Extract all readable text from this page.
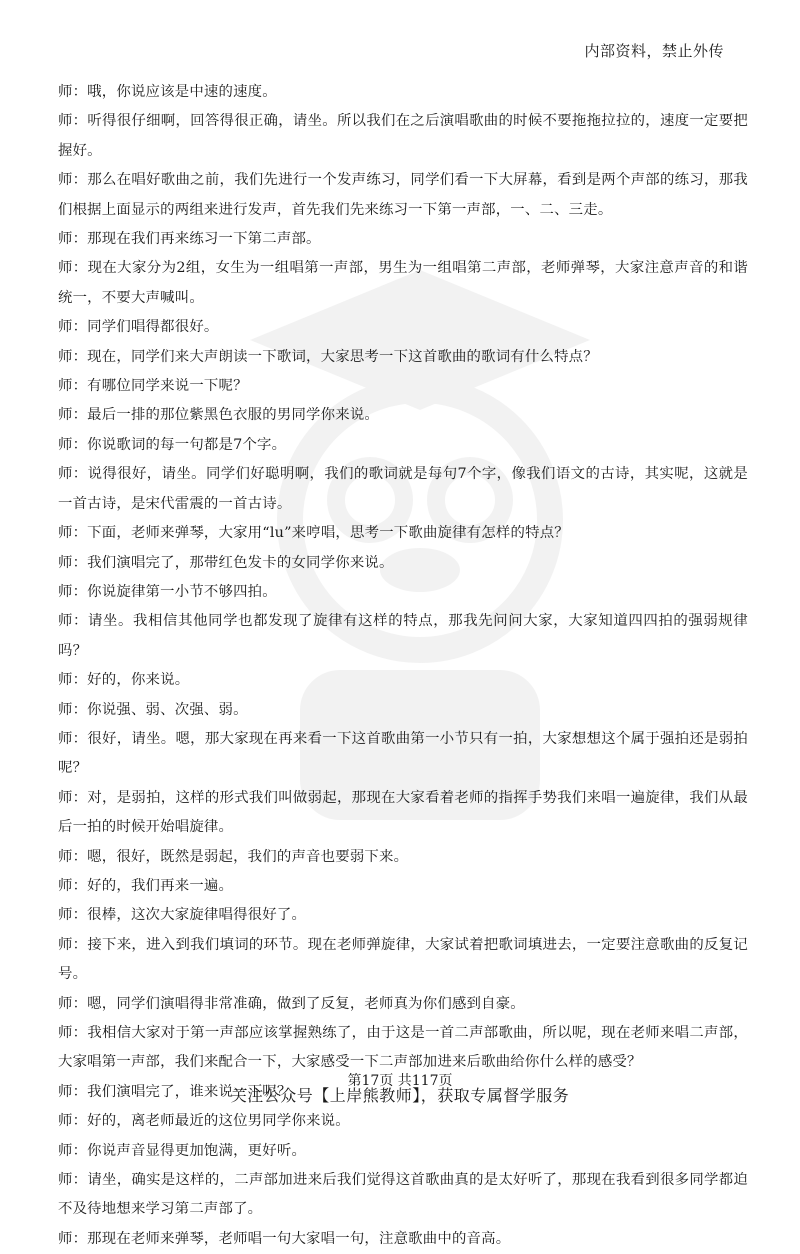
内部资料，禁止外传

师：哦，你说应该是中速的速度。

师：听得很仔细啊，回答得很正确，请坐。所以我们在之后演唱歌曲的时候不要拖拖拉拉的，速度一定要把握好。

师：那么在唱好歌曲之前，我们先进行一个发声练习，同学们看一下大屏幕，看到是两个声部的练习，那我们根据上面显示的两组来进行发声，首先我们先来练习一下第一声部，一、二、三走。

师：那现在我们再来练习一下第二声部。

师：现在大家分为2组，女生为一组唱第一声部，男生为一组唱第二声部，老师弹琴，大家注意声音的和谐统一，不要大声喊叫。

师：同学们唱得都很好。

师：现在，同学们来大声朗读一下歌词，大家思考一下这首歌曲的歌词有什么特点？

师：有哪位同学来说一下呢？

师：最后一排的那位紫黑色衣服的男同学你来说。

师：你说歌词的每一句都是7个字。

师：说得很好，请坐。同学们好聪明啊，我们的歌词就是每句7个字，像我们语文的古诗，其实呢，这就是一首古诗，是宋代雷震的一首古诗。

师：下面，老师来弹琴，大家用“lu”来哼唱，思考一下歌曲旋律有怎样的特点？

师：我们演唱完了，那带红色发卡的女同学你来说。

师：你说旋律第一小节不够四拍。

师：请坐。我相信其他同学也都发现了旋律有这样的特点，那我先问问大家，大家知道四四拍的强弱规律吗？

师：好的，你来说。

师：你说强、弱、次强、弱。

师：很好，请坐。嗯，那大家现在再来看一下这首歌曲第一小节只有一拍，大家想想这个属于强拍还是弱拍呢？

师：对，是弱拍，这样的形式我们叫做弱起，那现在大家看着老师的指挥手势我们来唱一遍旋律，我们从最后一拍的时候开始唱旋律。

师：嗯，很好，既然是弱起，我们的声音也要弱下来。

师：好的，我们再来一遍。

师：很棒，这次大家旋律唱得很好了。

师：接下来，进入到我们填词的环节。现在老师弹旋律，大家试着把歌词填进去，一定要注意歌曲的反复记号。

师：嗯，同学们演唱得非常准确，做到了反复，老师真为你们感到自豪。

师：我相信大家对于第一声部应该掌握熟练了，由于这是一首二声部歌曲，所以呢，现在老师来唱二声部，大家唱第一声部，我们来配合一下，大家感受一下二声部加进来后歌曲给你什么样的感受？

师：我们演唱完了，谁来说一下呢？

师：好的，离老师最近的这位男同学你来说。

师：你说声音显得更加饱满，更好听。

师：请坐，确实是这样的，二声部加进来后我们觉得这首歌曲真的是太好听了，那现在我看到很多同学都迫不及待地想来学习第二声部了。

师：那现在老师来弹琴，老师唱一句大家唱一句，注意歌曲中的音高。

第17页 共117页
关注公众号【上岸熊教师】，获取专属督学服务
